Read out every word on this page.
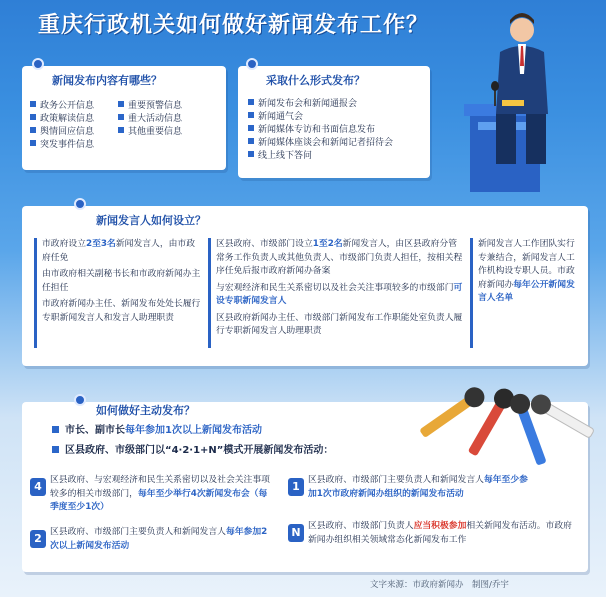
重庆行政机关如何做好新闻发布工作？
新闻发布内容有哪些？
政务公开信息
政策解读信息
舆情回应信息
突发事件信息
重要预警信息
重大活动信息
其他重要信息
采取什么形式发布？
新闻发布会和新闻通报会
新闻通气会
新闻媒体专访和书面信息发布
新闻媒体座谈会和新闻记者招待会
线上线下答问
新闻发言人如何设立？
市政府设立2至3名新闻发言人，由市政府任免
由市政府相关副秘书长和市政府新闻办主任担任
市政府新闻办主任、新闻发布处处长履行专职新闻发言人和发言人助理职责
区县政府、市级部门设立1至2名新闻发言人，由区县政府分管常务工作负责人或其他负责人、市级部门负责人担任，按相关程序任免后报市政府新闻办备案
与宏观经济和民生关系密切以及社会关注事项较多的市级部门可设专职新闻发言人
区县政府新闻办主任、市级部门新闻发布工作职能处室负责人履行专职新闻发言人助理职责
新闻发言人工作团队实行专兼结合，新闻发言人工作机构设专职人员。市政府新闻办每年公开新闻发言人名单
如何做好主动发布？
市长、副市长每年参加1次以上新闻发布活动
区县政府、市级部门以“4·2·1+N”模式开展新闻发布活动：
4 区县政府、与宏观经济和民生关系密切以及社会关注事项较多的相关市级部门，每年至少举行4次新闻发布会（每季度至少1次）
2 区县政府、市级部门主要负责人和新闻发言人每年参加2次以上新闻发布活动
1 区县政府、市级部门主要负责人和新闻发言人每年至少参加1次市政府新闻办组织的新闻发布活动
N 区县政府、市级部门负责人应当积极参加相关新闻发布活动。市政府新闻办组织相关领域常态化新闻发布工作
文字来源：市政府新闻办　制图/乔宇
